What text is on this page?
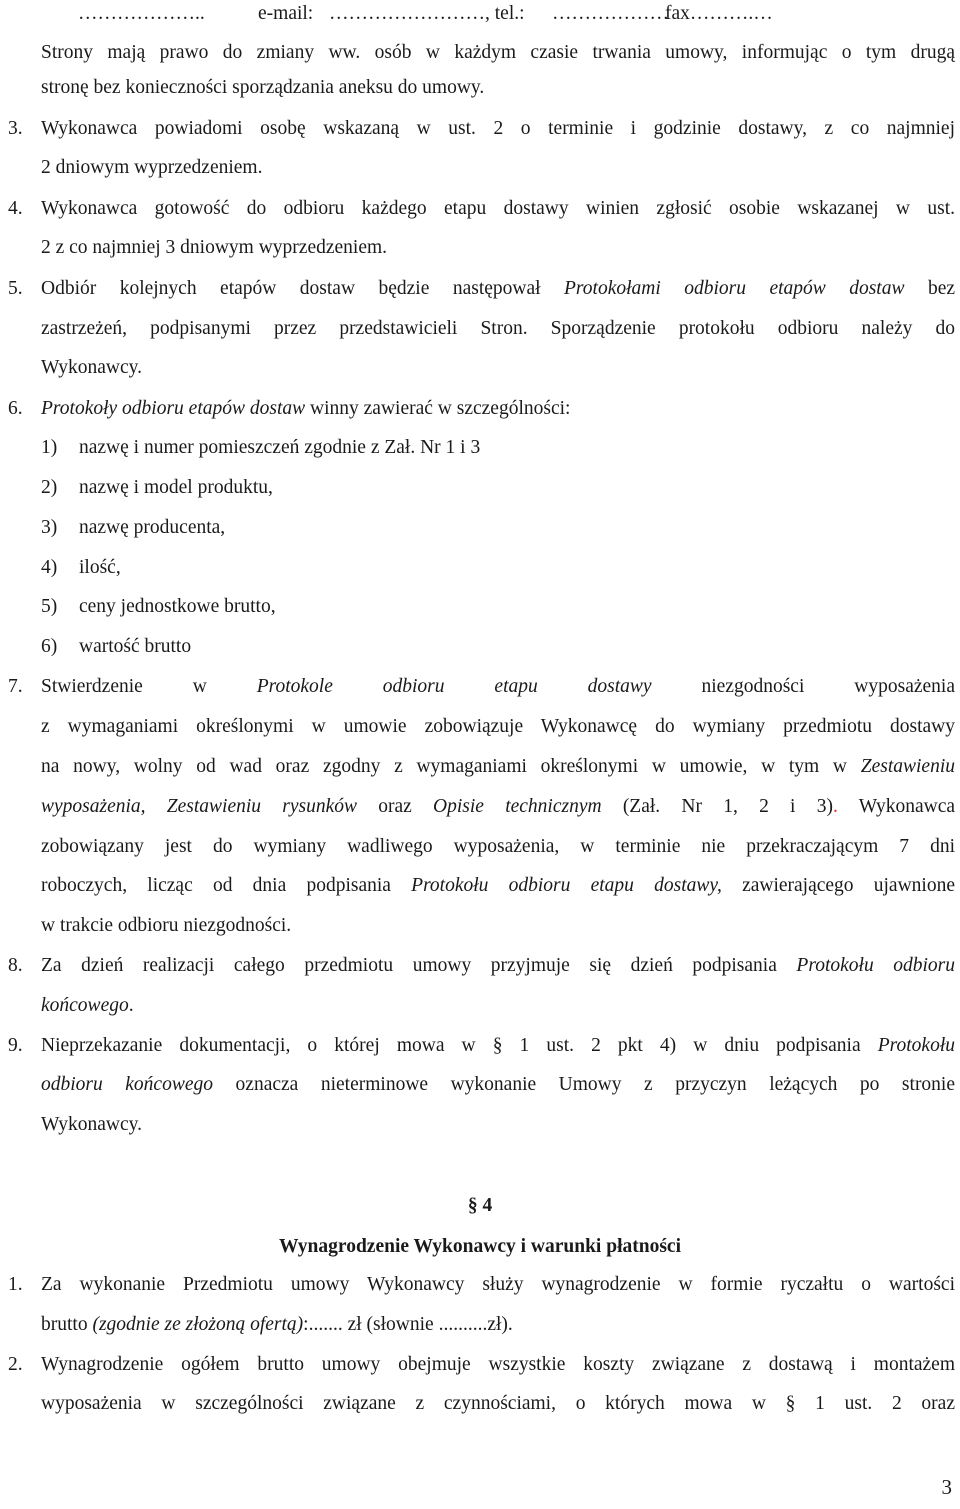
………………..	e-mail: ……………………, tel.: ………………
fax……….…
Strony mają prawo do zmiany ww. osób w każdym czasie trwania umowy, informując o tym drugą
stronę bez konieczności sporządzania aneksu do umowy.
3. Wykonawca powiadomi osobę wskazaną w ust. 2 o terminie i godzinie dostawy, z co najmniej
2 dniowym wyprzedzeniem.
4. Wykonawca gotowość do odbioru każdego etapu dostawy winien zgłosić osobie wskazanej w ust.
2 z co najmniej 3 dniowym wyprzedzeniem.
5. Odbiór kolejnych etapów dostaw będzie następował Protokołami odbioru etapów dostaw bez
zastrzeżeń, podpisanymi przez przedstawicieli Stron. Sporządzenie protokołu odbioru należy do
Wykonawcy.
6. Protokoły odbioru etapów dostaw winny zawierać w szczególności:
1) nazwę i numer pomieszczeń zgodnie z Zał. Nr 1 i 3
2) nazwę i model produktu,
3) nazwę producenta,
4) ilość,
5) ceny jednostkowe brutto,
6) wartość brutto
7. Stwierdzenie w	Protokole odbioru etapu dostawy	niezgodności wyposażenia
z wymaganiami określonymi w umowie zobowiązuje Wykonawcę do wymiany przedmiotu dostawy
na nowy, wolny od wad oraz zgodny z wymaganiami określonymi w umowie, w tym w Zestawieniu
wyposażenia, Zestawieniu rysunków oraz Opisie technicznym (Zał. Nr 1, 2 i 3). Wykonawca
zobowiązany jest do wymiany wadliwego wyposażenia, w terminie nie przekraczającym 7 dni
roboczych, licząc od dnia podpisania Protokołu odbioru etapu dostawy, zawierającego ujawnione
w trakcie odbioru niezgodności.
8. Za dzień realizacji całego przedmiotu umowy przyjmuje się dzień podpisania Protokołu odbioru
końcowego.
9. Nieprzekazanie dokumentacji, o której mowa w § 1 ust. 2 pkt 4) w dniu podpisania Protokołu
odbioru końcowego oznacza nieterminowe wykonanie Umowy z przyczyn leżących po stronie
Wykonawcy.
§ 4
Wynagrodzenie Wykonawcy i warunki płatności
1. Za wykonanie Przedmiotu umowy Wykonawcy służy wynagrodzenie w formie ryczałtu o wartości
brutto (zgodnie ze złożoną ofertą):....... zł (słownie ..........zł).
2. Wynagrodzenie ogółem brutto umowy obejmuje wszystkie koszty związane z dostawą i montażem
wyposażenia w szczególności związane z czynnościami, o których mowa w § 1 ust. 2 oraz
3
